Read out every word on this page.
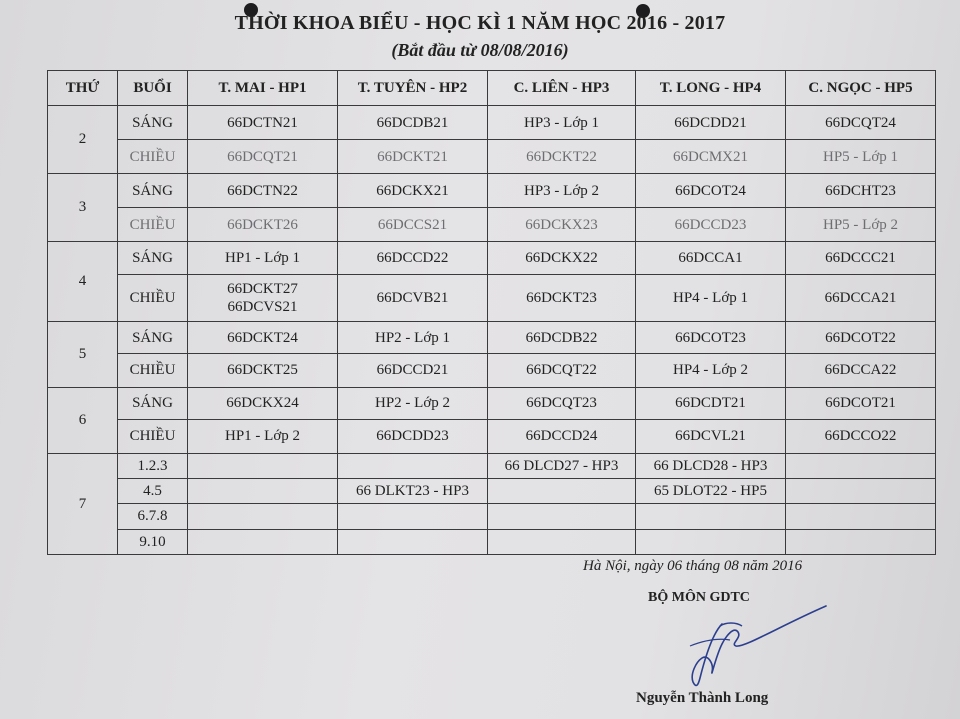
THỜI KHOA BIỂU - HỌC KÌ 1 NĂM HỌC 2016 - 2017
(Bắt đầu từ 08/08/2016)
THỨ	BUỔI	T. MAI - HP1	T. TUYÊN - HP2	C. LIÊN - HP3	T. LONG - HP4	C. NGỌC - HP5
2	SÁNG	66DCTN21	66DCDB21	HP3 - Lớp 1	66DCDD21	66DCQT24
	CHIỀU	66DCQT21	66DCKT21	66DCKT22	66DCMX21	HP5 - Lớp 1
3	SÁNG	66DCTN22	66DCKX21	HP3 - Lớp 2	66DCOT24	66DCHT23
	CHIỀU	66DCKT26	66DCCS21	66DCKX23	66DCCD23	HP5 - Lớp 2
4	SÁNG	HP1 - Lớp 1	66DCCD22	66DCKX22	66DCCA1	66DCCC21
	CHIỀU	66DCKT27
66DCVS21	66DCVB21	66DCKT23	HP4 - Lớp 1	66DCCA21
5	SÁNG	66DCKT24	HP2 - Lớp 1	66DCDB22	66DCOT23	66DCOT22
	CHIỀU	66DCKT25	66DCCD21	66DCQT22	HP4 - Lớp 2	66DCCA22
6	SÁNG	66DCKX24	HP2 - Lớp 2	66DCQT23	66DCDT21	66DCOT21
	CHIỀU	HP1 - Lớp 2	66DCDD23	66DCCD24	66DCVL21	66DCCO22
7	1.2.3			66 DLCD27 - HP3	66 DLCD28 - HP3	
	4.5		66 DLKT23 - HP3		65 DLOT22 - HP5	
	6.7.8					
	9.10					
Hà Nội, ngày 06 tháng 08 năm 2016
BỘ MÔN GDTC
Nguyễn Thành Long
